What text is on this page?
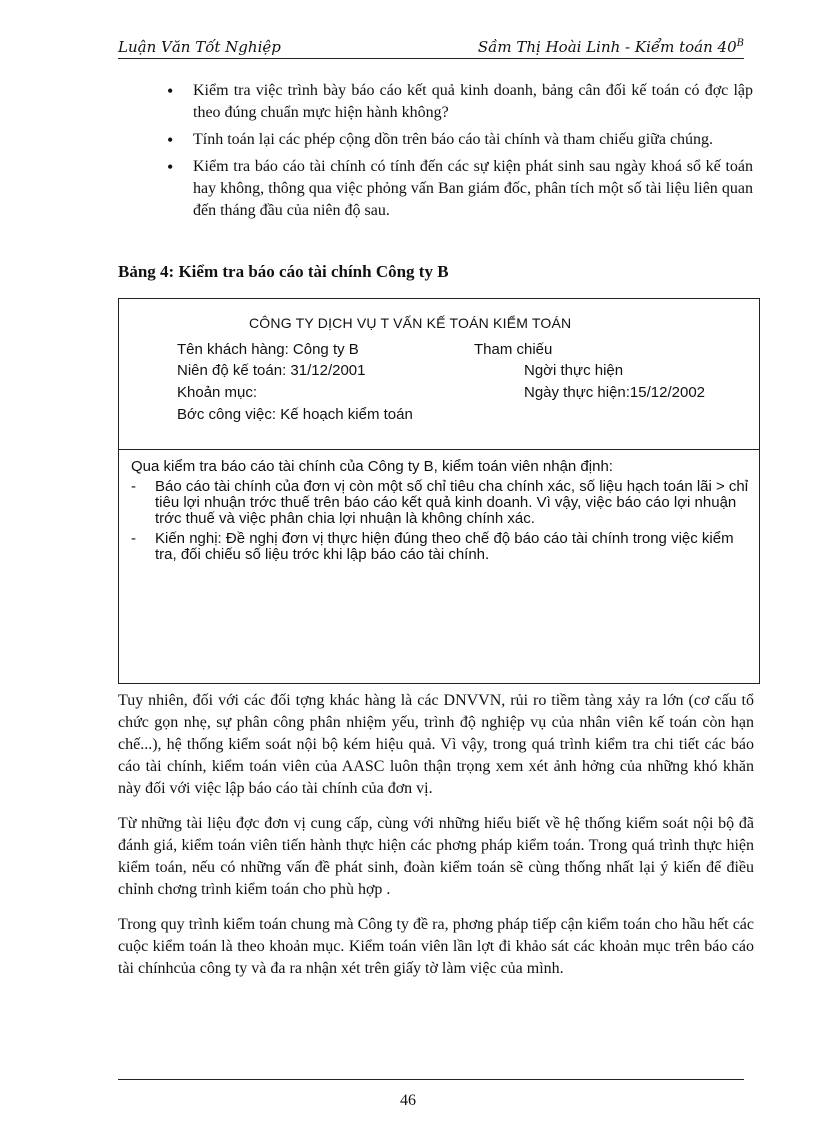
Luận Văn Tốt Nghiệp	Sầm Thị Hoài Linh - Kiểm toán $40^B$
• Kiểm tra việc trình bày báo cáo kết quả kinh doanh, bảng cân đối kế toán có đợc lập theo đúng chuẩn mực hiện hành không?
• Tính toán lại các phép cộng dồn trên báo cáo tài chính và tham chiếu giữa chúng.
• Kiểm tra báo cáo tài chính có tính đến các sự kiện phát sinh sau ngày khoá sổ kế toán hay không, thông qua việc phỏng vấn Ban giám đốc, phân tích một số tài liệu liên quan đến tháng đầu của niên độ sau.
Bảng 4: Kiểm tra báo cáo tài chính Công ty B
CÔNG TY DỊCH VỤ T VẤN KẾ TOÁN KIỂM TOÁN
Tên khách hàng: Công ty B	Tham chiếu
Niên độ kế toán: 31/12/2001	Ngời thực hiện
Khoản mục:	Ngày thực hiện:15/12/2002
Bớc công việc: Kế hoạch kiểm toán
Qua kiểm tra báo cáo tài chính của Công ty B, kiểm toán viên nhận định:
- Báo cáo tài chính của đơn vị còn một số chỉ tiêu cha chính xác, số liệu hạch toán lãi > chỉ tiêu lợi nhuận trớc thuế trên báo cáo kết quả kinh doanh. Vì vậy, việc báo cáo lợi nhuận trớc thuế và việc phân chia lợi nhuận là không chính xác.
- Kiến nghị: Đề nghị đơn vị thực hiện đúng theo chế độ báo cáo tài chính trong việc kiểm tra, đối chiếu số liệu trớc khi lập báo cáo tài chính.

Tuy nhiên, đối với các đối tợng khác hàng là các DNVVN, rủi ro tiềm tàng xảy ra lớn (cơ cấu tổ chức gọn nhẹ, sự phân công phân nhiệm yếu, trình độ nghiệp vụ của nhân viên kế toán còn hạn chế...), hệ thống kiểm soát nội bộ kém hiệu quả. Vì vậy, trong quá trình kiểm tra chi tiết các báo cáo tài chính, kiểm toán viên của AASC luôn thận trọng xem xét ảnh hởng của những khó khăn này đối với việc lập báo cáo tài chính của đơn vị.

Từ những tài liệu đợc đơn vị cung cấp, cùng với những hiểu biết về hệ thống kiểm soát nội bộ đã đánh giá, kiểm toán viên tiến hành thực hiện các phơng pháp kiểm toán. Trong quá trình thực hiện kiểm toán, nếu có những vấn đề phát sinh, đoàn kiểm toán sẽ cùng thống nhất lại ý kiến để điều chỉnh chơng trình kiểm toán cho phù hợp .

Trong quy trình kiểm toán chung mà Công ty đề ra, phơng pháp tiếp cận kiểm toán cho hầu hết các cuộc kiểm toán là theo khoản mục. Kiểm toán viên lần lợt đi khảo sát các khoản mục trên báo cáo tài chínhcủa công ty và đa ra nhận xét trên giấy tờ làm việc của mình.

46
